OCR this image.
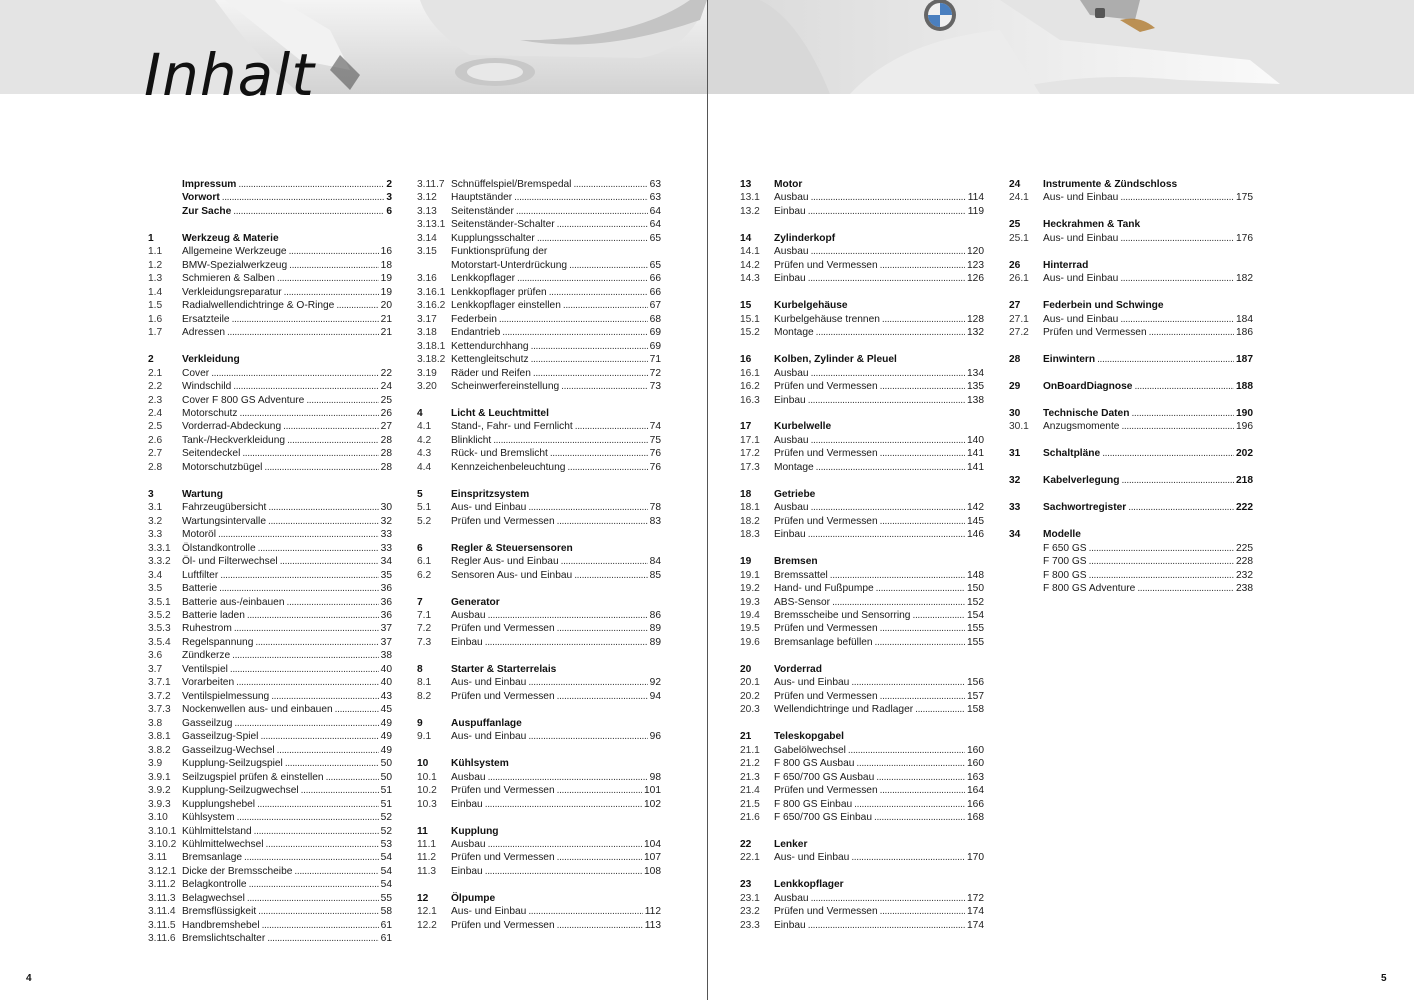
Inhalt
Impressum . . .	2
Vorwort . . .	3
Zur Sache . . .	6
1	Werkzeug & Materie
1.1	Allgemeine Werkzeuge . . .	16
1.2	BMW-Spezialwerkzeug . . .	18
1.3	Schmieren & Salben . . .	19
1.4	Verkleidungsreparatur . . .	19
1.5	Radialwellendichtringe & O-Ringe . . .	20
1.6	Ersatzteile . . .	21
1.7	Adressen . . .	21
2	Verkleidung
2.1	Cover . . .	22
2.2	Windschild . . .	24
2.3	Cover F 800 GS Adventure . . .	25
2.4	Motorschutz . . .	26
2.5	Vorderrad-Abdeckung . . .	27
2.6	Tank-/Heckverkleidung . . .	28
2.7	Seitendeckel . . .	28
2.8	Motorschutzbügel . . .	28
3	Wartung
3.1	Fahrzeugübersicht . . .	30
3.2	Wartungsintervalle . . .	32
3.3	Motoröl . . .	33
3.3.1	Ölstandkontrolle . . .	33
3.3.2	Öl- und Filterwechsel . . .	34
3.4	Luftfilter . . .	35
3.5	Batterie . . .	36
3.5.1	Batterie aus-/einbauen . . .	36
3.5.2	Batterie laden . . .	36
3.5.3	Ruhestrom . . .	37
3.5.4	Regelspannung . . .	37
3.6	Zündkerze . . .	38
3.7	Ventilspiel . . .	40
3.7.1	Vorarbeiten . . .	40
3.7.2	Ventilspielmessung . . .	43
3.7.3	Nockenwellen aus- und einbauen . . .	45
3.8	Gasseilzug . . .	49
3.8.1	Gasseilzug-Spiel . . .	49
3.8.2	Gasseilzug-Wechsel . . .	49
3.9	Kupplung-Seilzugspiel . . .	50
3.9.1	Seilzugspiel prüfen & einstellen . . .	50
3.9.2	Kupplung-Seilzugwechsel . . .	51
3.9.3	Kupplungshebel . . .	51
3.10	Kühlsystem . . .	52
3.10.1 Kühlmittelstand . . .	52
3.10.2 Kühlmittelwechsel . . .	53
3.11	Bremsanlage . . .	54
3.12.1 Dicke der Bremsscheibe . . .	54
3.11.2 Belagkontrolle . . .	54
3.11.3 Belagwechsel . . .	55
3.11.4 Bremsflüssigkeit . . .	58
3.11.5 Handbremshebel . . .	61
3.11.6 Bremslichtschalter . . .	61
3.11.7 Schnüffelspiel/Bremspedal . . .	63
3.12	Hauptständer . . .	63
3.13	Seitenständer . . .	64
3.13.1 Seitenständer-Schalter . . .	64
3.14	Kupplungsschalter . . .	65
3.15	Funktionsprüfung der
Motorstart-Unterdrückung . . .	65
3.16	Lenkkopflager . . .	66
3.16.1 Lenkkopflager prüfen . . .	66
3.16.2 Lenkkopflager einstellen . . .	67
3.17	Federbein . . .	68
3.18	Endantrieb . . .	69
3.18.1 Kettendurchhang . . .	69
3.18.2 Kettengleitschutz . . .	71
3.19	Räder und Reifen . . .	72
3.20	Scheinwerfereinstellung . . .	73
4	Licht & Leuchtmittel
4.1	Stand-, Fahr- und Fernlicht . . .	74
4.2	Blinklicht . . .	75
4.3	Rück- und Bremslicht . . .	76
4.4	Kennzeichenbeleuchtung . . .	76
5	Einspritzsystem
5.1	Aus- und Einbau . . .	78
5.2	Prüfen und Vermessen . . .	83
6	Regler & Steuersensoren
6.1	Regler Aus- und Einbau . . .	84
6.2	Sensoren Aus- und Einbau . . .	85
7	Generator
7.1	Ausbau . . .	86
7.2	Prüfen und Vermessen . . .	89
7.3	Einbau . . .	89
8	Starter & Starterrelais
8.1	Aus- und Einbau . . .	92
8.2	Prüfen und Vermessen . . .	94
9	Auspuffanlage
9.1	Aus- und Einbau . . .	96
10	Kühlsystem
10.1	Ausbau . . .	98
10.2	Prüfen und Vermessen . . .	101
10.3	Einbau . . .	102
11	Kupplung
11.1	Ausbau . . .	104
11.2	Prüfen und Vermessen . . .	107
11.3	Einbau . . .	108
12	Ölpumpe
12.1	Aus- und Einbau . . .	112
12.2	Prüfen und Vermessen . . .	113
13	Motor
13.1	Ausbau . . .	114
13.2	Einbau . . .	119
14	Zylinderkopf
14.1	Ausbau . . .	120
14.2	Prüfen und Vermessen . . .	123
14.3	Einbau . . .	126
15	Kurbelgehäuse
15.1	Kurbelgehäuse trennen . . .	128
15.2	Montage . . .	132
16	Kolben, Zylinder & Pleuel
16.1	Ausbau . . .	134
16.2	Prüfen und Vermessen . . .	135
16.3	Einbau . . .	138
17	Kurbelwelle
17.1	Ausbau . . .	140
17.2	Prüfen und Vermessen . . .	141
17.3	Montage . . .	141
18	Getriebe
18.1	Ausbau . . .	142
18.2	Prüfen und Vermessen . . .	145
18.3	Einbau . . .	146
19	Bremsen
19.1	Bremssattel . . .	148
19.2	Hand- und Fußpumpe . . .	150
19.3	ABS-Sensor . . .	152
19.4	Bremsscheibe und Sensorring . . .	154
19.5	Prüfen und Vermessen . . .	155
19.6	Bremsanlage befüllen . . .	155
20	Vorderrad
20.1	Aus- und Einbau . . .	156
20.2	Prüfen und Vermessen . . .	157
20.3	Wellendichtringe und Radlager . . .	158
21	Teleskopgabel
21.1	Gabelölwechsel . . .	160
21.2	F 800 GS Ausbau . . .	160
21.3	F 650/700 GS Ausbau . . .	163
21.4	Prüfen und Vermessen . . .	164
21.5	F 800 GS Einbau . . .	166
21.6	F 650/700 GS Einbau . . .	168
22	Lenker
22.1	Aus- und Einbau . . .	170
23	Lenkkopflager
23.1	Ausbau . . .	172
23.2	Prüfen und Vermessen . . .	174
23.3	Einbau . . .	174
24	Instrumente & Zündschloss
24.1	Aus- und Einbau . . .	175
25	Heckrahmen & Tank
25.1	Aus- und Einbau . . .	176
26	Hinterrad
26.1	Aus- und Einbau . . .	182
27	Federbein und Schwinge
27.1	Aus- und Einbau . . .	184
27.2	Prüfen und Vermessen . . .	186
28	Einwintern . . .	187
29	OnBoardDiagnose . . .	188
30	Technische Daten . . .	190
30.1	Anzugsmomente . . .	196
31	Schaltpläne . . .	202
32	Kabelverlegung . . .	218
33	Sachwortregister . . .	222
34	Modelle
F 650 GS . . .	225
F 700 GS . . .	228
F 800 GS . . .	232
F 800 GS Adventure . . .	238
4	5
